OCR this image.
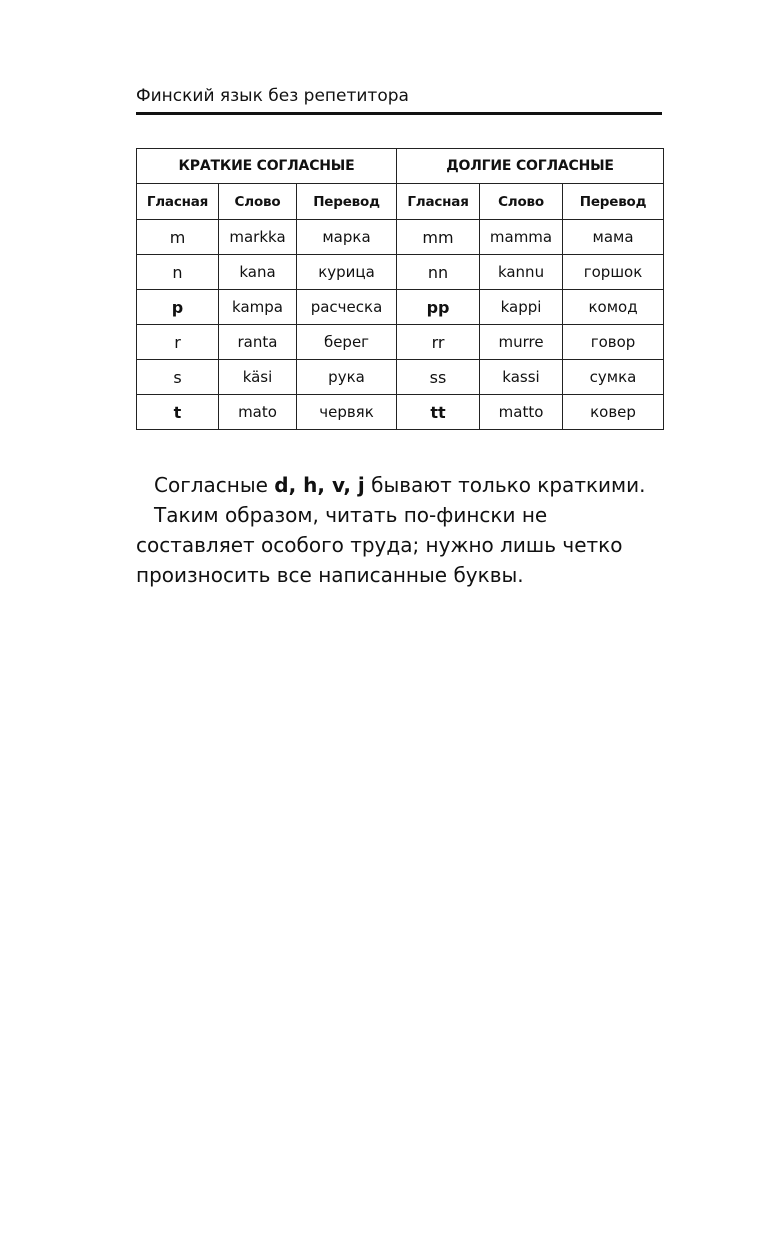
Финский язык без репетитора
КРАТКИЕ СОГЛАСНЫЕ			ДОЛГИЕ СОГЛАСНЫЕ		
Гласная	Слово	Перевод	Гласная	Слово	Перевод
m	markka	марка	mm	mamma	мама
n	kana	курица	nn	kannu	горшок
p	kampa	расческа	pp	kappi	комод
r	ranta	берег	rr	murre	говор
s	käsi	рука	ss	kassi	сумка
t	mato	червяк	tt	matto	ковер

Согласные d, h, v, j бывают только краткими.

Таким образом, читать по-фински не составляет особого труда; нужно лишь четко произносить все написанные буквы.
